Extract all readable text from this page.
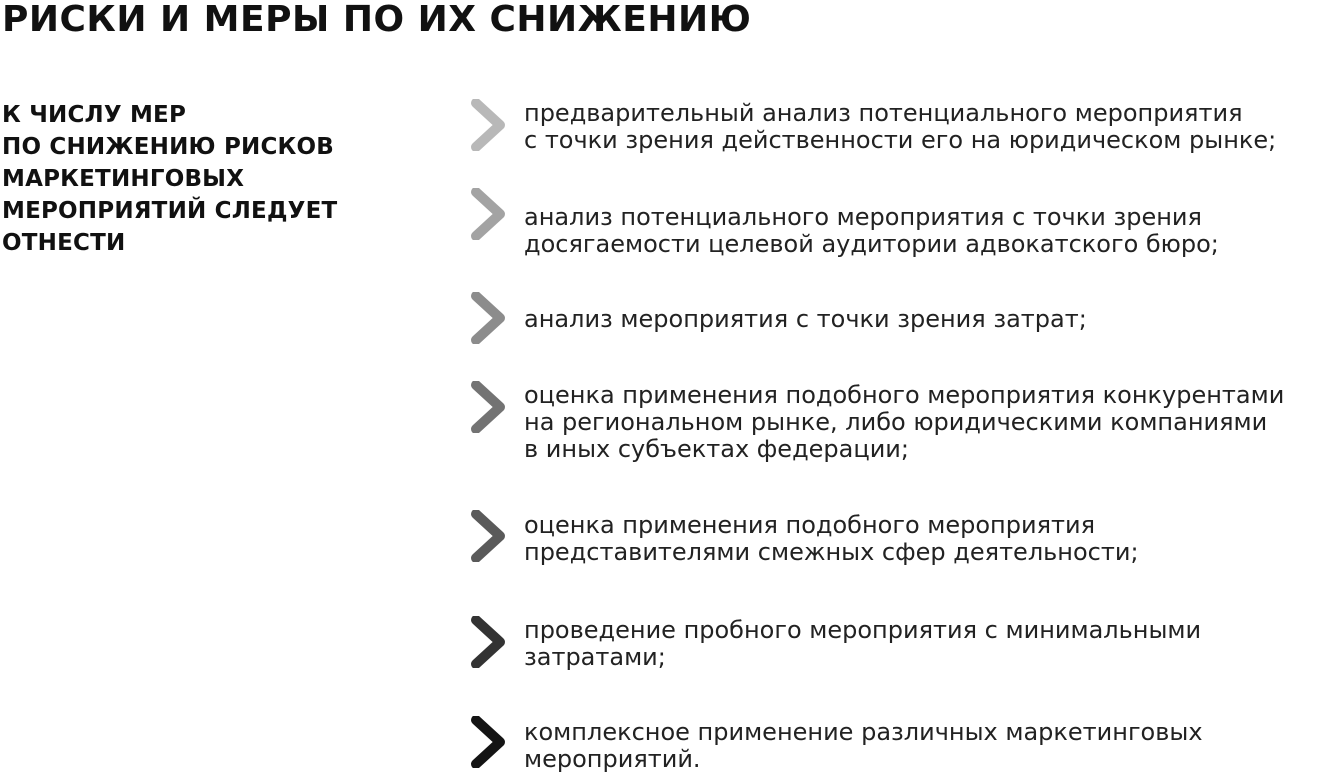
РИСКИ И МЕРЫ ПО ИХ СНИЖЕНИЮ

К ЧИСЛУ МЕР
ПО СНИЖЕНИЮ РИСКОВ
МАРКЕТИНГОВЫХ
МЕРОПРИЯТИЙ СЛЕДУЕТ
ОТНЕСТИ

предварительный анализ потенциального мероприятия
с точки зрения действенности его на юридическом рынке;

анализ потенциального мероприятия с точки зрения
досягаемости целевой аудитории адвокатского бюро;

анализ мероприятия с точки зрения затрат;

оценка применения подобного мероприятия конкурентами
на региональном рынке, либо юридическими компаниями
в иных субъектах федерации;

оценка применения подобного мероприятия
представителями смежных сфер деятельности;

проведение пробного мероприятия с минимальными
затратами;

комплексное применение различных маркетинговых
мероприятий.
